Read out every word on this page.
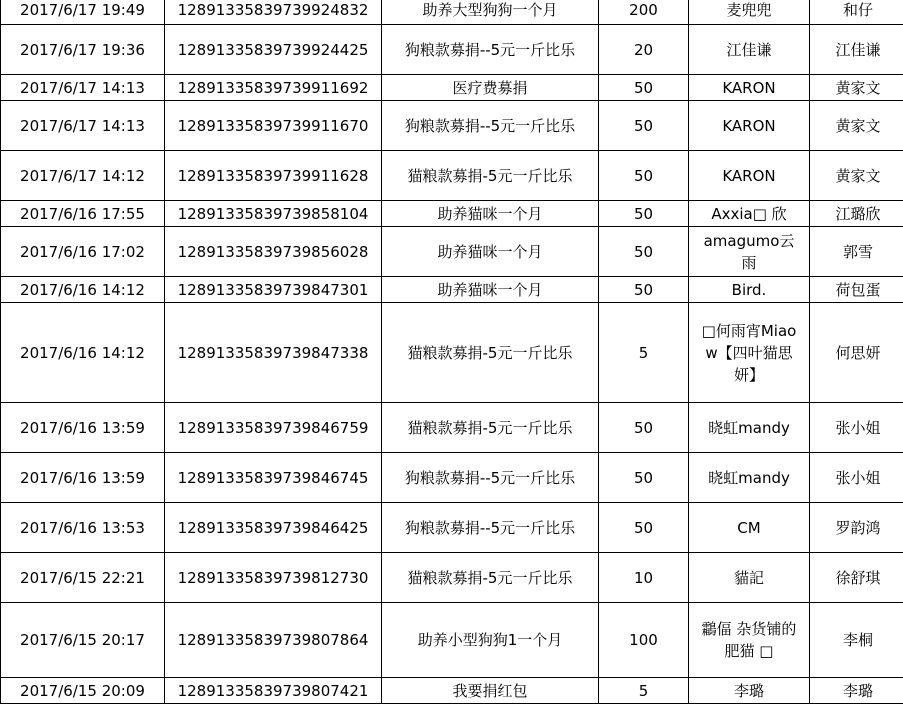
2017/6/17 19:49	1289133583973992483​2	助养大型狗狗一个月	200	麦兜兜	和仔
2017/6/17 19:36	128913358397399244​25	狗粮款募捐--5元一斤比乐	20	江佳谦	江佳谦
2017/6/17 14:13	128913358397399116​92	医疗费募捐	50	KARON	黄家文
2017/6/17 14:13	128913358397399116​70	狗粮款募捐--5元一斤比乐	50	KARON	黄家文
2017/6/17 14:12	128913358397399116​28	猫粮款募捐-5元一斤比乐	50	KARON	黄家文
2017/6/16 17:55	128913358397398581​04	助养猫咪一个月	50	Axxia□ 欣	江璐欣
2017/6/16 17:02	128913358397398560​28	助养猫咪一个月	50	amagumo云雨	郭雪
2017/6/16 14:12	128913358397398473​01	助养猫咪一个月	50	Bird.	荷包蛋
2017/6/16 14:12	128913358397398473​38	猫粮款募捐-5元一斤比乐	5	□何雨宵Miaow【四叶猫思妍】	何思妍
2017/6/16 13:59	128913358397398467​59	猫粮款募捐-5元一斤比乐	50	晓虹mandy	张小姐
2017/6/16 13:59	128913358397398467​45	狗粮款募捐--5元一斤比乐	50	晓虹mandy	张小姐
2017/6/16 13:53	128913358397398464​25	狗粮款募捐--5元一斤比乐	50	CM	罗韵鸿
2017/6/15 22:21	128913358397398127​30	猫粮款募捐-5元一斤比乐	10	貓記	徐舒琪
2017/6/15 20:17	128913358397398078​64	助养小型狗狗1一个月	100	鸘偪 杂货铺的肥猫 □	李桐
2017/6/15 20:09	128913358397398074​21	我要捐红包	5	李璐	李璐
